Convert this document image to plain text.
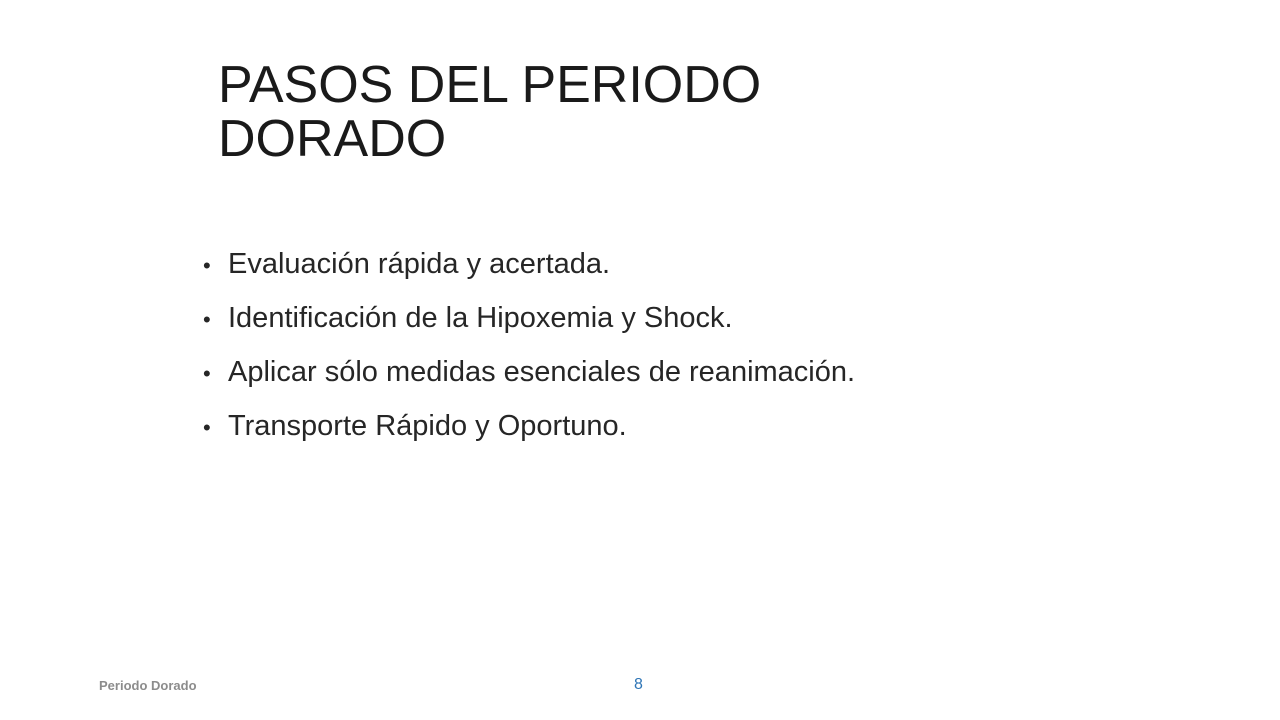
PASOS DEL PERIODO DORADO
• Evaluación rápida y acertada.
• Identificación de la Hipoxemia y Shock.
• Aplicar sólo medidas esenciales de reanimación.
• Transporte Rápido y Oportuno.
Periodo Dorado	8
